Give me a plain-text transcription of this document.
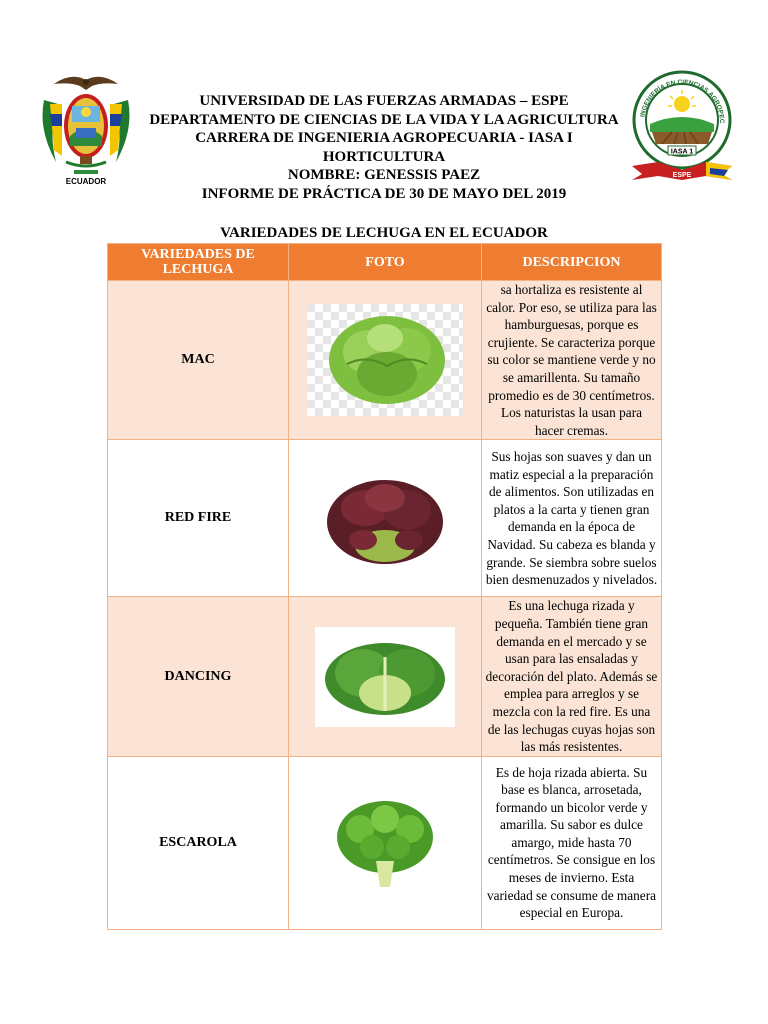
ECUADOR
INGENIERÍA EN CIENCIAS AGROPEC
IASA 1
ESPE
UNIVERSIDAD DE LAS FUERZAS ARMADAS – ESPE
DEPARTAMENTO DE CIENCIAS DE LA VIDA Y LA AGRICULTURA
CARRERA DE INGENIERIA AGROPECUARIA - IASA I
HORTICULTURA
NOMBRE: GENESSIS PAEZ
INFORME DE PRÁCTICA DE 30 DE MAYO DEL 2019
VARIEDADES DE LECHUGA EN EL ECUADOR
VARIEDADES DE LECHUGA	FOTO	DESCRIPCION
MAC		sa hortaliza es resistente al calor. Por eso, se utiliza para las hamburguesas, porque es crujiente. Se caracteriza porque su color se mantiene verde y no se amarillenta. Su tamaño promedio es de 30 centímetros. Los naturistas la usan para hacer cremas.
RED FIRE		Sus hojas son suaves y dan un matiz especial a la preparación de alimentos. Son utilizadas en platos a la carta y tienen gran demanda en la época de Navidad. Su cabeza es blanda y grande. Se siembra sobre suelos bien desmenuzados y nivelados.
DANCING		Es una lechuga rizada y pequeña. También tiene gran demanda en el mercado y se usan para las ensaladas y decoración del plato. Además se emplea para arreglos y se mezcla con la red fire. Es una de las lechugas cuyas hojas son las más resistentes.
ESCAROLA		Es de hoja rizada abierta. Su base es blanca, arrosetada, formando un bicolor verde y amarilla. Su sabor es dulce amargo, mide hasta 70 centímetros. Se consigue en los meses de invierno. Esta variedad se consume de manera especial en Europa.
